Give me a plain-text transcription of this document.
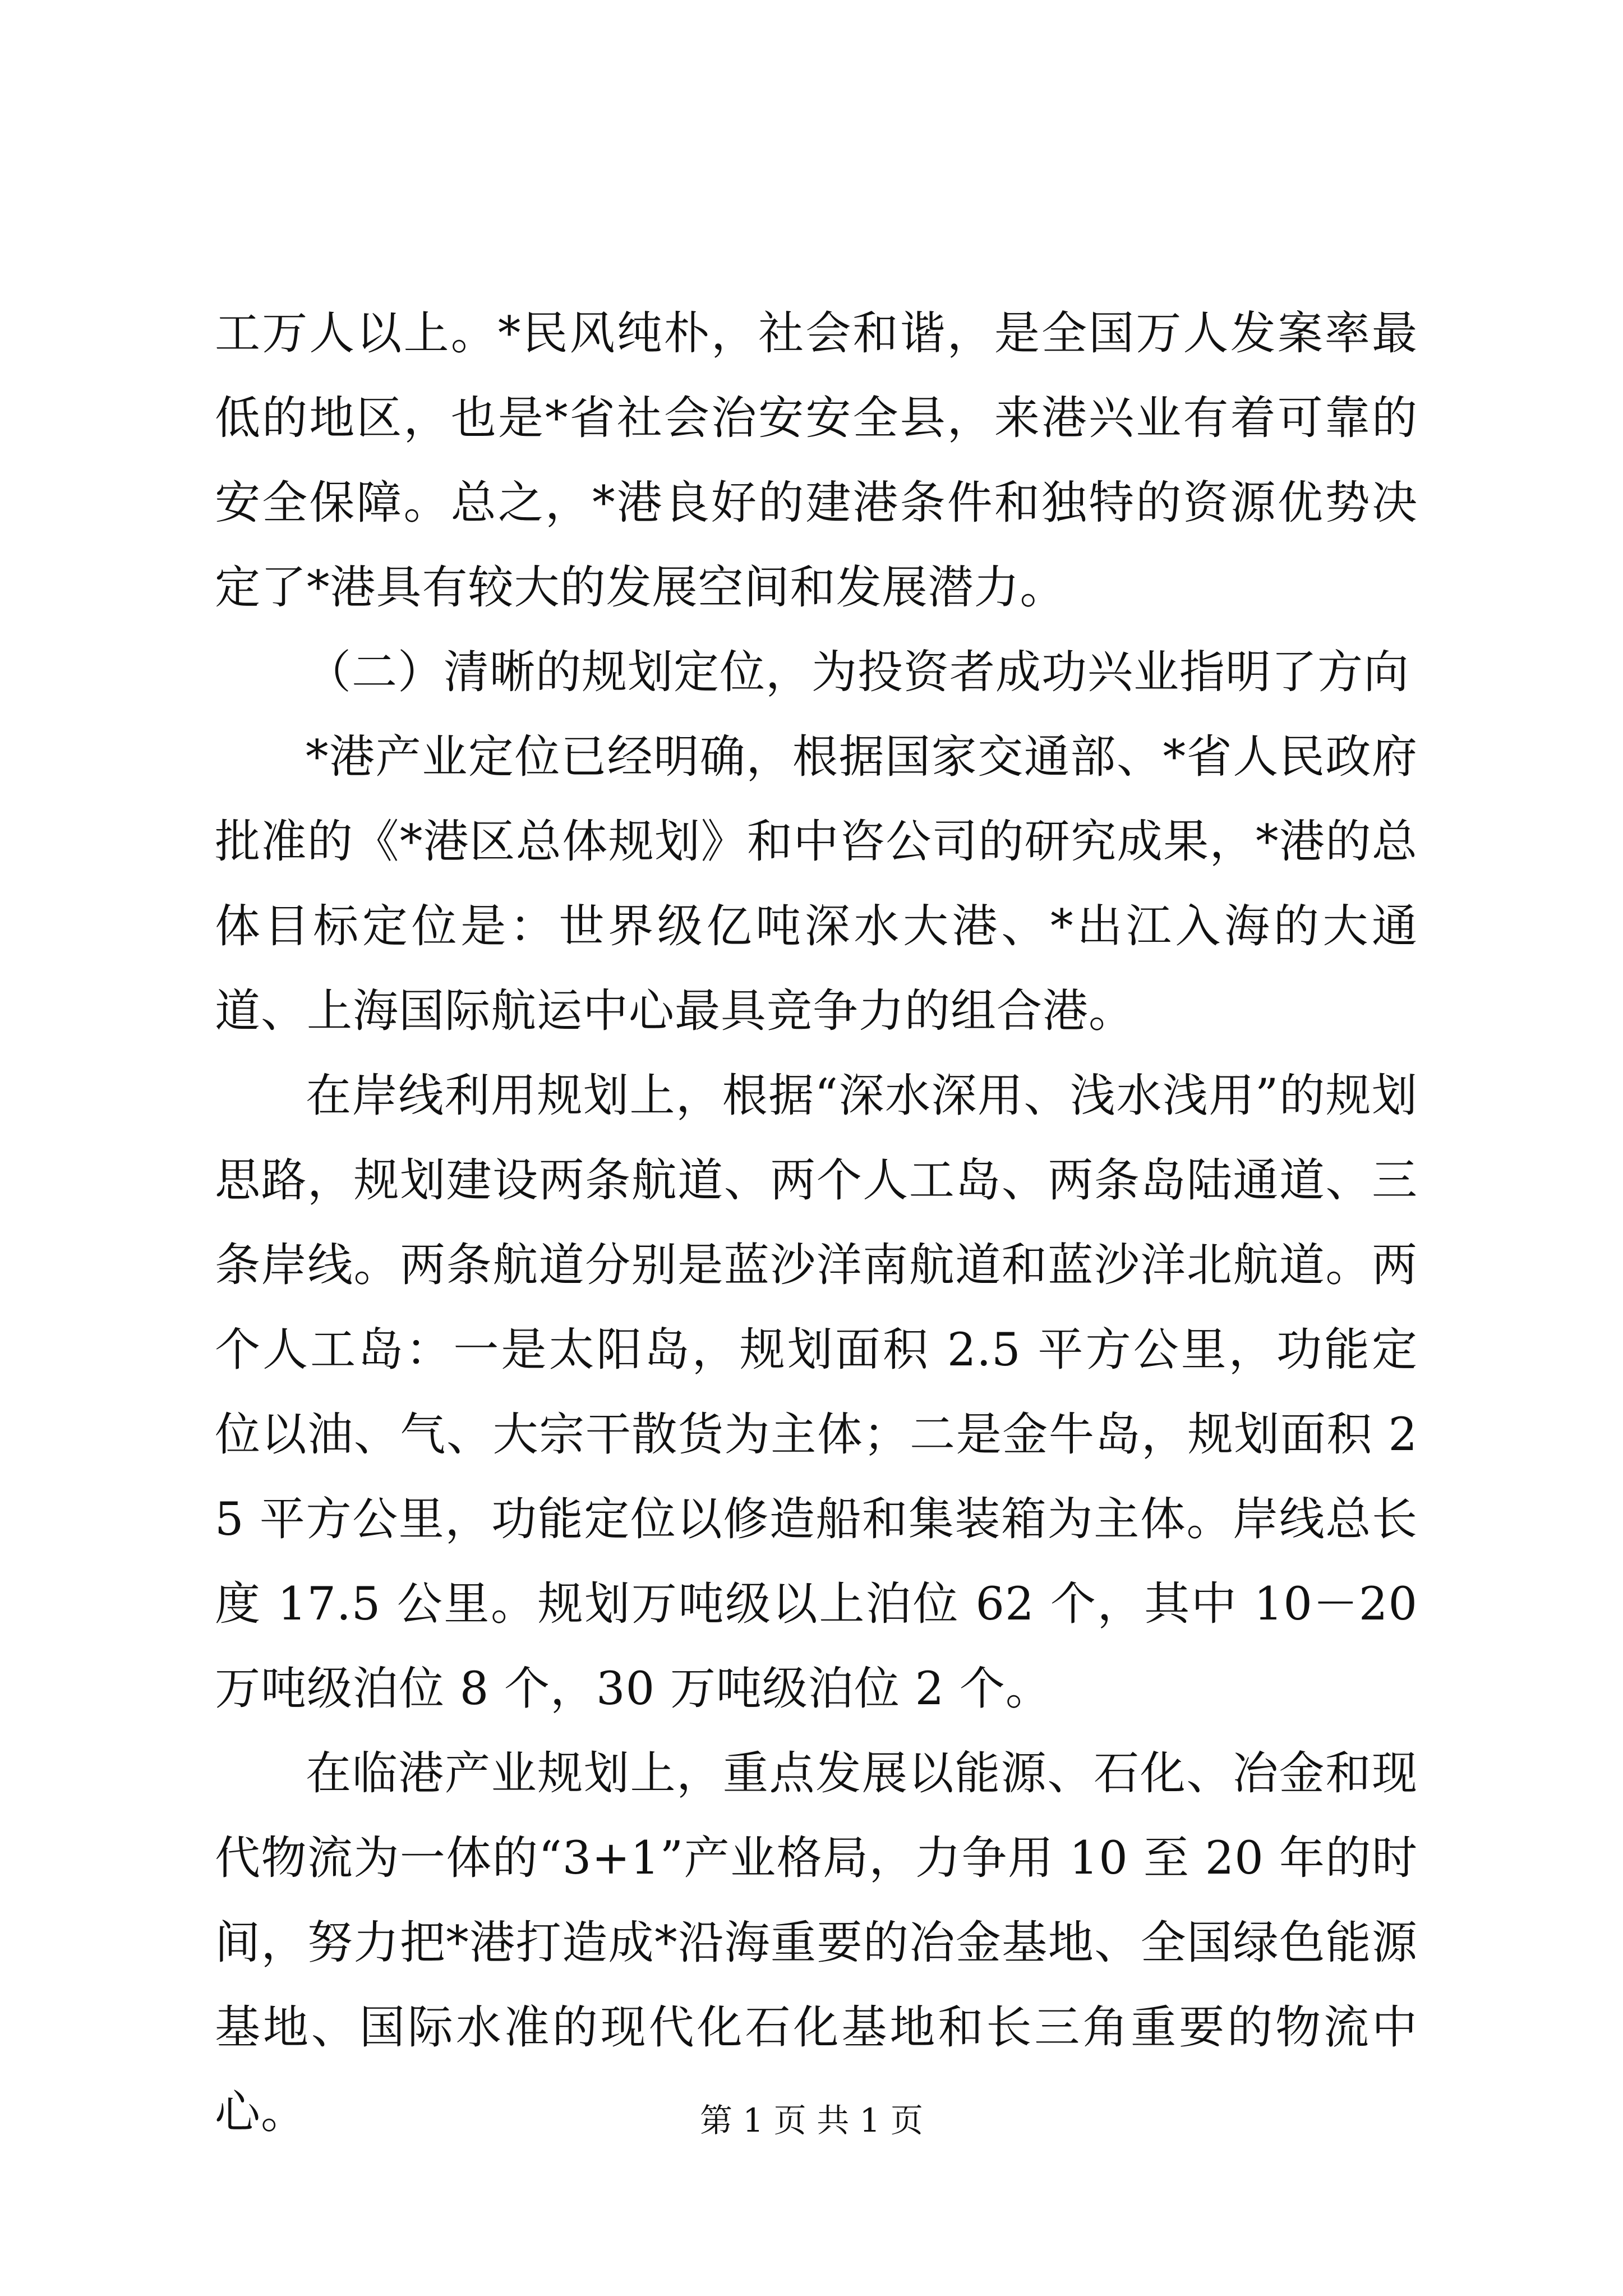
工万人以上。*民风纯朴，社会和谐，是全国万人发案率最低的地区，也是*省社会治安安全县，来港兴业有着可靠的安全保障。总之，*港良好的建港条件和独特的资源优势决定了*港具有较大的发展空间和发展潜力。

（二）清晰的规划定位，为投资者成功兴业指明了方向

*港产业定位已经明确，根据国家交通部、*省人民政府批准的《*港区总体规划》和中咨公司的研究成果，*港的总体目标定位是：世界级亿吨深水大港、*出江入海的大通道、上海国际航运中心最具竞争力的组合港。

在岸线利用规划上，根据“深水深用、浅水浅用”的规划思路，规划建设两条航道、两个人工岛、两条岛陆通道、三条岸线。两条航道分别是蓝沙洋南航道和蓝沙洋北航道。两个人工岛：一是太阳岛，规划面积 2.5 平方公里，功能定位以油、气、大宗干散货为主体；二是金牛岛，规划面积 25 平方公里，功能定位以修造船和集装箱为主体。岸线总长度 17.5 公里。规划万吨级以上泊位 62 个，其中 10－20 万吨级泊位 8 个，30 万吨级泊位 2 个。

在临港产业规划上，重点发展以能源、石化、冶金和现代物流为一体的“3+1”产业格局，力争用 10 至 20 年的时间，努力把*港打造成*沿海重要的冶金基地、全国绿色能源基地、国际水准的现代化石化基地和长三角重要的物流中心。	第 1 页 共 1 页
